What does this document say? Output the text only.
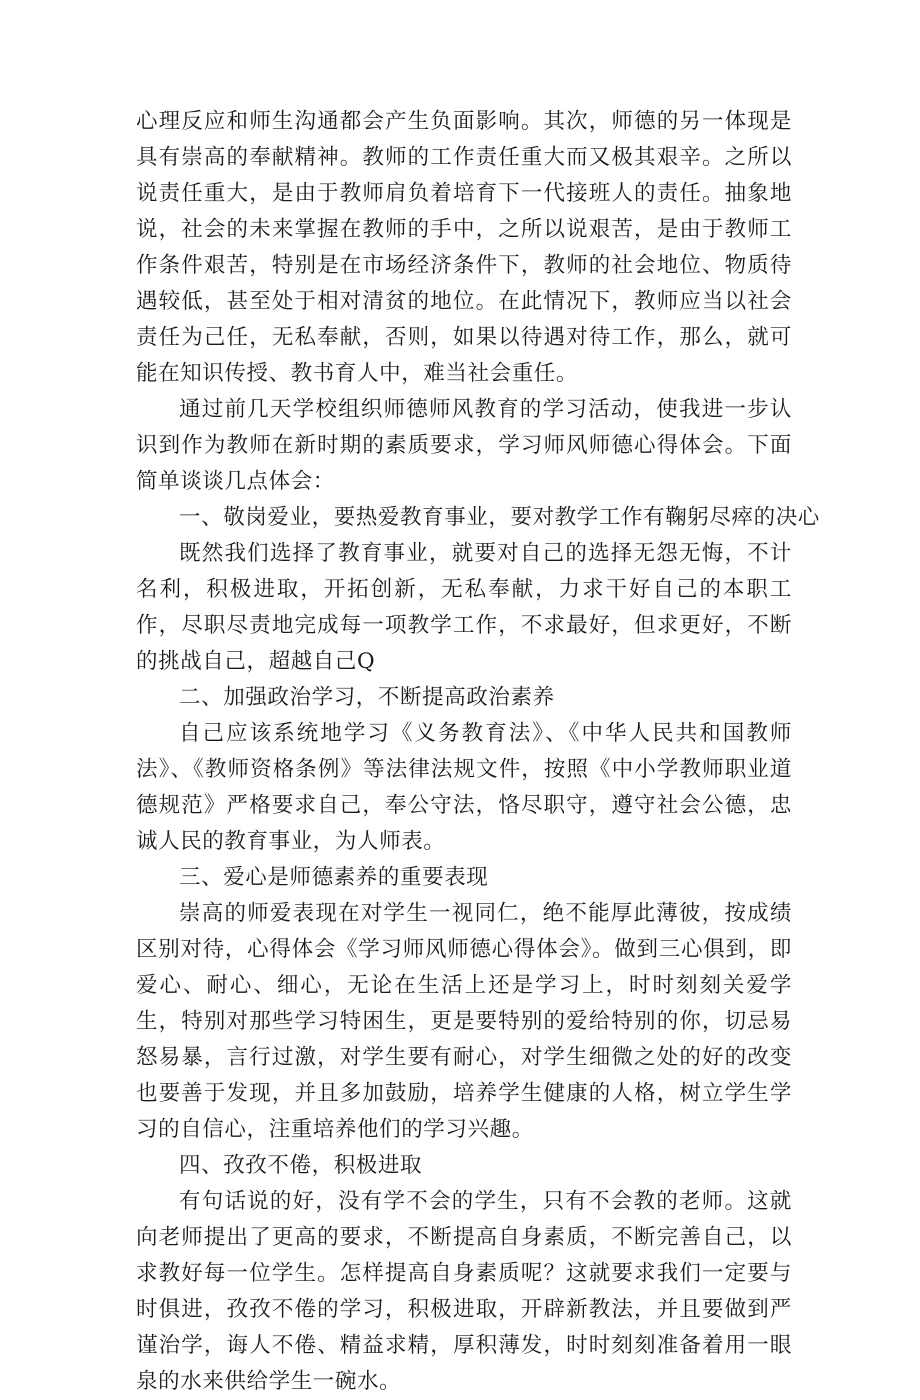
心理反应和师生沟通都会产生负面影响。其次，师德的另一体现是具有崇高的奉献精神。教师的工作责任重大而又极其艰辛。之所以说责任重大，是由于教师肩负着培育下一代接班人的责任。抽象地说，社会的未来掌握在教师的手中，之所以说艰苦，是由于教师工作条件艰苦，特别是在市场经济条件下，教师的社会地位、物质待遇较低，甚至处于相对清贫的地位。在此情况下，教师应当以社会责任为己任，无私奉献，否则，如果以待遇对待工作，那么，就可能在知识传授、教书育人中，难当社会重任。

通过前几天学校组织师德师风教育的学习活动，使我进一步认识到作为教师在新时期的素质要求，学习师风师德心得体会。下面简单谈谈几点体会：

一、敬岗爱业，要热爱教育事业，要对教学工作有鞠躬尽瘁的决心

既然我们选择了教育事业，就要对自己的选择无怨无悔，不计名利，积极进取，开拓创新，无私奉献，力求干好自己的本职工作，尽职尽责地完成每一项教学工作，不求最好，但求更好，不断的挑战自己，超越自己Q

二、加强政治学习，不断提高政治素养

自己应该系统地学习《义务教育法》、《中华人民共和国教师法》、《教师资格条例》等法律法规文件，按照《中小学教师职业道德规范》严格要求自己，奉公守法，恪尽职守，遵守社会公德，忠诚人民的教育事业，为人师表。

三、爱心是师德素养的重要表现

崇高的师爱表现在对学生一视同仁，绝不能厚此薄彼，按成绩区别对待，心得体会《学习师风师德心得体会》。做到三心俱到，即爱心、耐心、细心，无论在生活上还是学习上，时时刻刻关爱学生，特别对那些学习特困生，更是要特别的爱给特别的你，切忌易怒易暴，言行过激，对学生要有耐心，对学生细微之处的好的改变也要善于发现，并且多加鼓励，培养学生健康的人格，树立学生学习的自信心，注重培养他们的学习兴趣。

四、孜孜不倦，积极进取

有句话说的好，没有学不会的学生，只有不会教的老师。这就向老师提出了更高的要求，不断提高自身素质，不断完善自己，以求教好每一位学生。怎样提高自身素质呢？这就要求我们一定要与时俱进，孜孜不倦的学习，积极进取，开辟新教法，并且要做到严谨治学，诲人不倦、精益求精，厚积薄发，时时刻刻准备着用一眼泉的水来供给学生一碗水。
